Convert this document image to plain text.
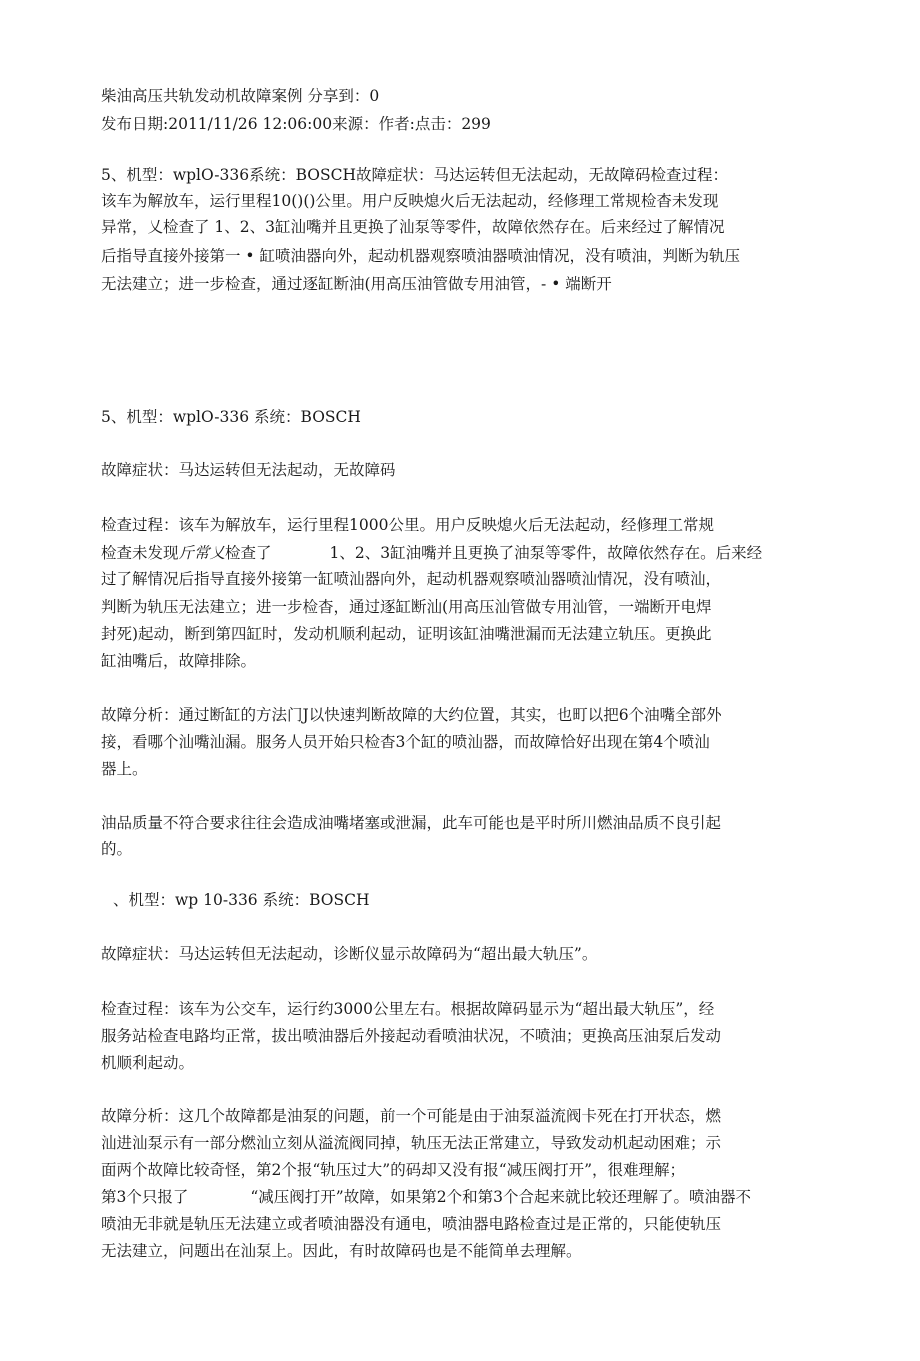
柴油高压共轨发动机故障案例 分享到：0
发布日期:2011/11/26 12:06:00来源：作者:点击：299
5、机型：wplO-336系统：BOSCH故障症状：马达运转但无法起动，无故障码检查过程：
该车为解放车，运行里程10()()公里。用户反映熄火后无法起动，经修理工常规检杳未发现
异常，乂检查了 1、2、3缸汕嘴并且更换了汕泵等零件，故障依然存在。后来经过了解情况
后指导直接外接第一 • 缸喷油器向外，起动机器观察喷油器喷油情况，没有喷油，判断为轨压
无法建立；进一步检查，通过逐缸断油(用高压油管做专用油管，- • 端断开
5、机型：wplO-336 系统：BOSCH
故障症状：马达运转但无法起动，无故障码
检查过程：该车为解放车，运行里程1000公里。用户反映熄火后无法起动，经修理工常规
检查未发现斤常乂检查了	1、2、3缸油嘴并且更换了油泵等零件，故障依然存在。后来经
过了解情况后指导直接外接第一缸喷汕器向外，起动机器观察喷汕器喷汕情况，没有喷汕，
判断为轨压无法建立；进一步检杳，通过逐缸断汕(用高压汕管做专用汕管，一端断开电焊
封死)起动，断到第四缸时，发动机顺利起动，证明该缸油嘴泄漏而无法建立轨压。更换此
缸油嘴后，故障排除。
故障分析：通过断缸的方法门J以快速判断故障的大约位置，其实，也町以把6个油嘴全部外
接，看哪个汕嘴汕漏。服务人员开始只检杳3个缸的喷汕器，而故障恰好出现在第4个喷汕
器上。
油品质量不符合要求往往会造成油嘴堵塞或泄漏，此车可能也是平时所川燃油品质不良引起
的。
、机型：wp 10-336 系统：BOSCH
故障症状：马达运转但无法起动，诊断仪显示故障码为“超出最大轨压”。
检查过程：该车为公交车，运行约3000公里左右。根据故障码显示为“超出最大轨压”，经
服务站检查电路均正常，拔出喷油器后外接起动看喷油状况，不喷油；更换高压油泵后发动
机顺利起动。
故障分析：这几个故障都是油泵的问题，前一个可能是由于油泵溢流阀卡死在打开状态，燃
汕进汕泵示有一部分燃汕立刻从溢流阀同掉，轨压无法正常建立，导致发动机起动困难；示
面两个故障比较奇怪，第2个报“轨压过大”的码却又没有报“减压阀打开”，很难理解；
第3个只报了	“减压阀打开”故障，如果第2个和第3个合起来就比较还理解了。喷油器不
喷油无非就是轨压无法建立或者喷油器没有通电，喷油器电路检查过是正常的，只能使轨压
无法建立，问题出在汕泵上。因此，有时故障码也是不能简单去理解。
